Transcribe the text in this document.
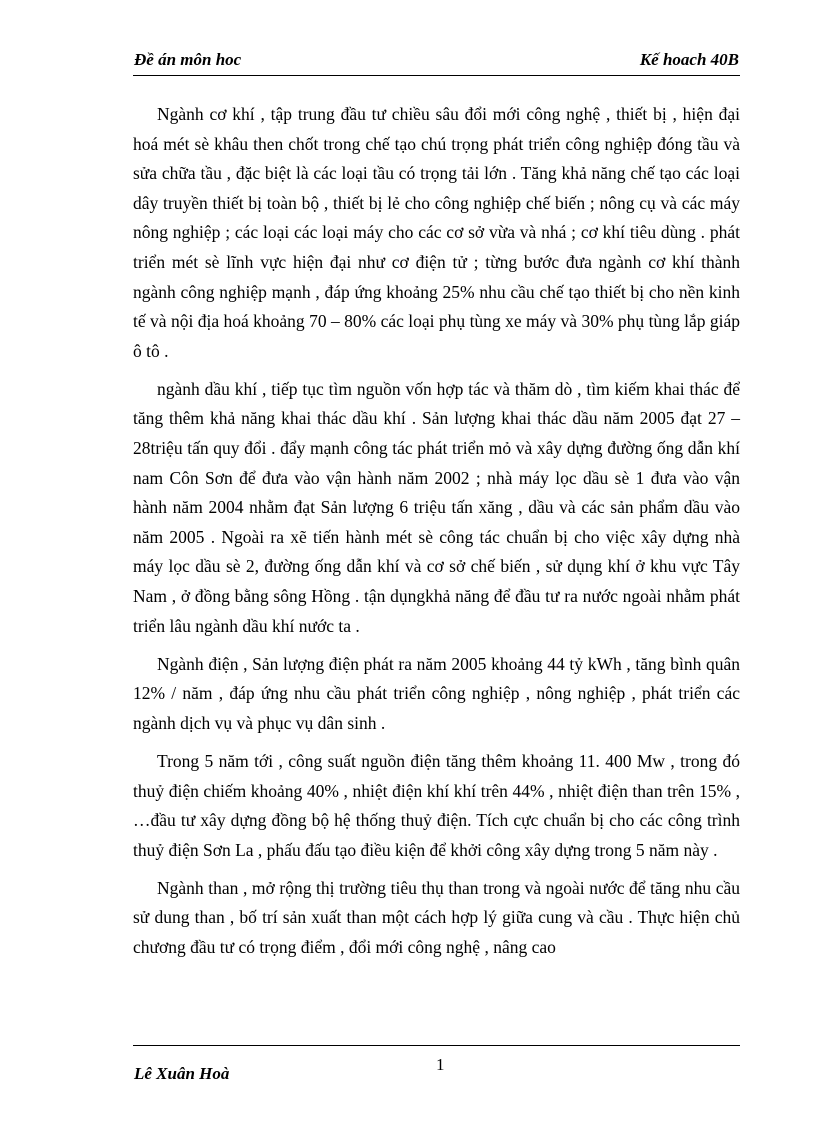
Đề án môn hoc	Kế hoach 40B

Ngành cơ khí , tập trung đầu tư chiều sâu đổi mới công nghệ , thiết bị , hiện đại hoá mét sè khâu then chốt trong chế tạo chú trọng phát triển công nghiệp đóng tầu và sửa chữa tầu , đặc biệt là các loại tầu có trọng tải lớn . Tăng khả năng chế tạo các loại dây truyền thiết bị toàn bộ , thiết bị lẻ cho công nghiệp chế biến ; nông cụ và các máy nông nghiệp ; các loại các loại máy cho các cơ sở vừa và nhá ; cơ khí tiêu dùng . phát triển mét sè lĩnh vực hiện đại như cơ điện tử ; từng bước đưa ngành cơ khí thành ngành công nghiệp mạnh , đáp ứng khoảng 25% nhu cầu chế tạo thiết bị cho nền kinh tế và nội địa hoá khoảng 70 – 80% các loại phụ tùng xe máy và 30% phụ tùng lắp giáp ô tô .

ngành dầu khí , tiếp tục tìm nguồn vốn hợp tác và thăm dò , tìm kiếm khai thác để tăng thêm khả năng khai thác dầu khí . Sản lượng khai thác dầu năm 2005 đạt 27 – 28triệu tấn quy đổi . đẩy mạnh công tác phát triển mỏ và xây dựng đường ống dẫn khí nam Côn Sơn để đưa vào vận hành năm 2002 ; nhà máy lọc dầu sè 1 đưa vào vận hành năm 2004 nhằm đạt Sản lượng 6 triệu tấn xăng , dầu và các sản phẩm dầu vào năm 2005 . Ngoài ra xẽ tiến hành mét sè công tác chuẩn bị cho việc xây dựng nhà máy lọc dầu sè 2, đường ống dẫn khí và cơ sở chế biến , sử dụng khí ở khu vực Tây Nam , ở đồng bằng sông Hồng . tận dụngkhả năng để đầu tư ra nước ngoài nhằm phát triển lâu ngành dầu khí nước ta .

Ngành điện , Sản lượng điện phát ra năm 2005 khoảng 44 tỷ kWh , tăng bình quân 12% / năm , đáp ứng nhu cầu phát triển công nghiệp , nông nghiệp , phát triển các ngành dịch vụ và phục vụ dân sinh .

Trong 5 năm tới , công suất nguồn điện tăng thêm khoảng 11. 400 Mw , trong đó thuỷ điện chiếm khoảng 40% , nhiệt điện khí khí trên 44% , nhiệt điện than trên 15% , …đầu tư xây dựng đồng bộ hệ thống thuỷ điện. Tích cực chuẩn bị cho các công trình thuỷ điện Sơn La , phấu đấu tạo điều kiện để khởi công xây dựng trong 5 năm này .

Ngành than , mở rộng thị trường tiêu thụ than trong và ngoài nước để tăng nhu cầu sử dung than , bố trí sản xuất than một cách hợp lý giữa cung và cầu . Thực hiện chủ chương đầu tư có trọng điểm , đổi mới công nghệ , nâng cao

Lê Xuân Hoà	1
